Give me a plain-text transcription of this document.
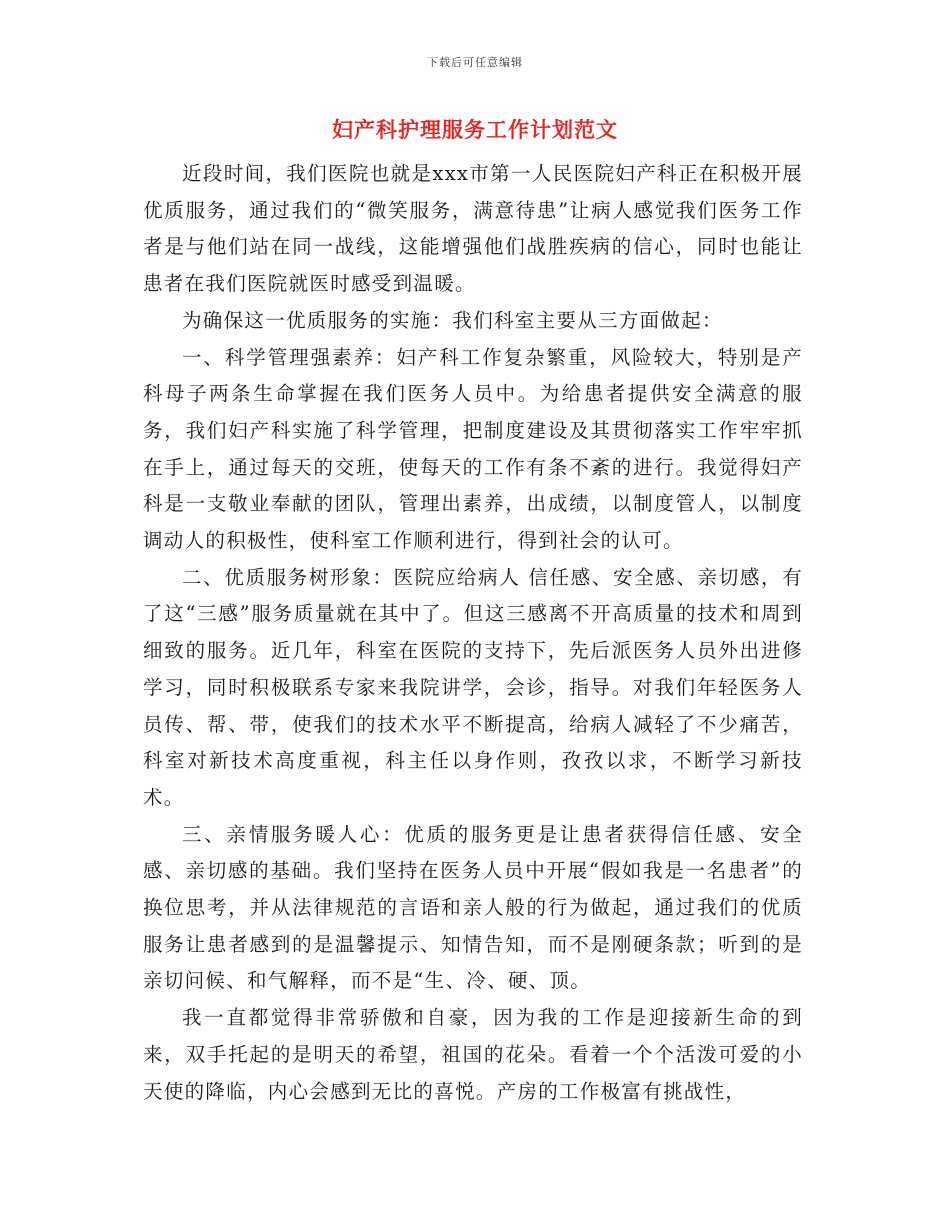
下载后可任意编辑
妇产科护理服务工作计划范文

近段时间，我们医院也就是xxx市第一人民医院妇产科正在积极开展优质服务，通过我们的“微笑服务，满意待患”让病人感觉我们医务工作者是与他们站在同一战线，这能增强他们战胜疾病的信心，同时也能让患者在我们医院就医时感受到温暖。

为确保这一优质服务的实施：我们科室主要从三方面做起：

一、科学管理强素养：妇产科工作复杂繁重，风险较大，特别是产科母子两条生命掌握在我们医务人员中。为给患者提供安全满意的服务，我们妇产科实施了科学管理，把制度建设及其贯彻落实工作牢牢抓在手上，通过每天的交班，使每天的工作有条不紊的进行。我觉得妇产科是一支敬业奉献的团队，管理出素养，出成绩，以制度管人，以制度调动人的积极性，使科室工作顺利进行，得到社会的认可。

二、优质服务树形象：医院应给病人 信任感、安全感、亲切感，有了这“三感”服务质量就在其中了。但这三感离不开高质量的技术和周到细致的服务。近几年，科室在医院的支持下，先后派医务人员外出进修学习，同时积极联系专家来我院讲学，会诊，指导。对我们年轻医务人员传、帮、带，使我们的技术水平不断提高，给病人减轻了不少痛苦，科室对新技术高度重视，科主任以身作则，孜孜以求，不断学习新技术。

三、亲情服务暖人心：优质的服务更是让患者获得信任感、安全感、亲切感的基础。我们坚持在医务人员中开展“假如我是一名患者”的换位思考，并从法律规范的言语和亲人般的行为做起，通过我们的优质服务让患者感到的是温馨提示、知情告知，而不是刚硬条款；听到的是亲切问候、和气解释，而不是“生、冷、硬、顶。

我一直都觉得非常骄傲和自豪，因为我的工作是迎接新生命的到来，双手托起的是明天的希望，祖国的花朵。看着一个个活泼可爱的小天使的降临，内心会感到无比的喜悦。产房的工作极富有挑战性，
